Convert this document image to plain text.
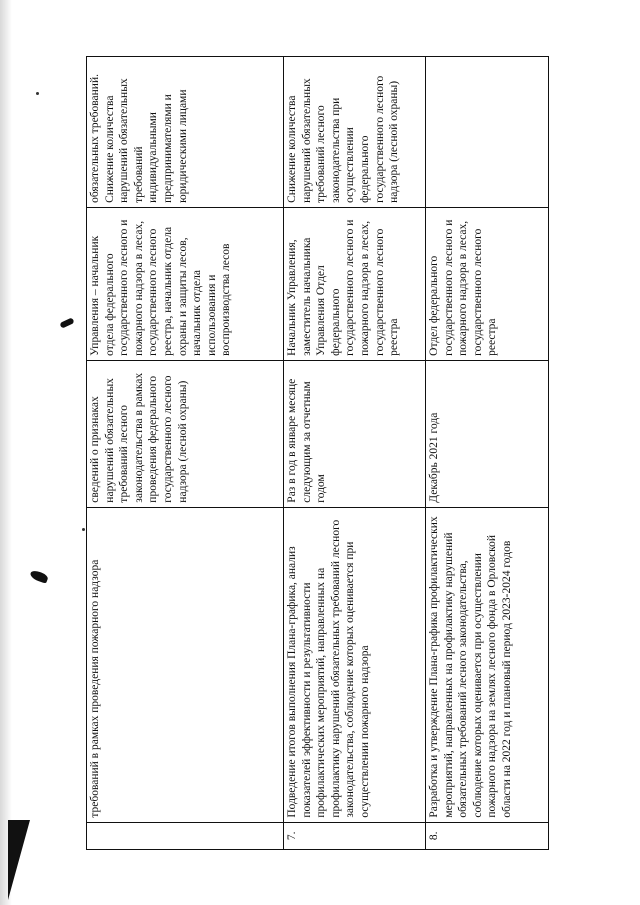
	требований в рамках проведения пожарного надзора	сведений о признаках нарушений обязательных требований лесного законодательства в рамках проведения федерального государственного лесного надзора (лесной охраны)	Управления – начальник отдела федерального государственного лесного и пожарного надзора в лесах, государственного лесного реестра, начальник отдела охраны и защиты лесов, начальник отдела использования и воспроизводства лесов	обязательных требований. Снижение количества нарушений обязательных требований индивидуальными предпринимателями и юридическими лицами
7.	Подведение итогов выполнения Плана-графика, анализ показателей эффективности и результативности профилактических мероприятий, направленных на профилактику нарушений обязательных требований лесного законодательства, соблюдение которых оценивается при осуществлении пожарного надзора	Раз в год в январе месяце следующим за отчетным годом	Начальник Управления, заместитель начальника Управления Отдел федерального государственного лесного и пожарного надзора в лесах, государственного лесного реестра	Снижение количества нарушений обязательных требований лесного законодательства при осуществлении федерального государственного лесного надзора (лесной охраны)
8.	Разработка и утверждение Плана-графика профилактических мероприятий, направленных на профилактику нарушений обязательных требований лесного законодательства, соблюдение которых оценивается при осуществлении пожарного надзора на землях лесного фонда в Орловской области на 2022 год и плановый период 2023-2024 годов	Декабрь 2021 года	Отдел федерального государственного лесного и пожарного надзора в лесах, государственного лесного реестра	
